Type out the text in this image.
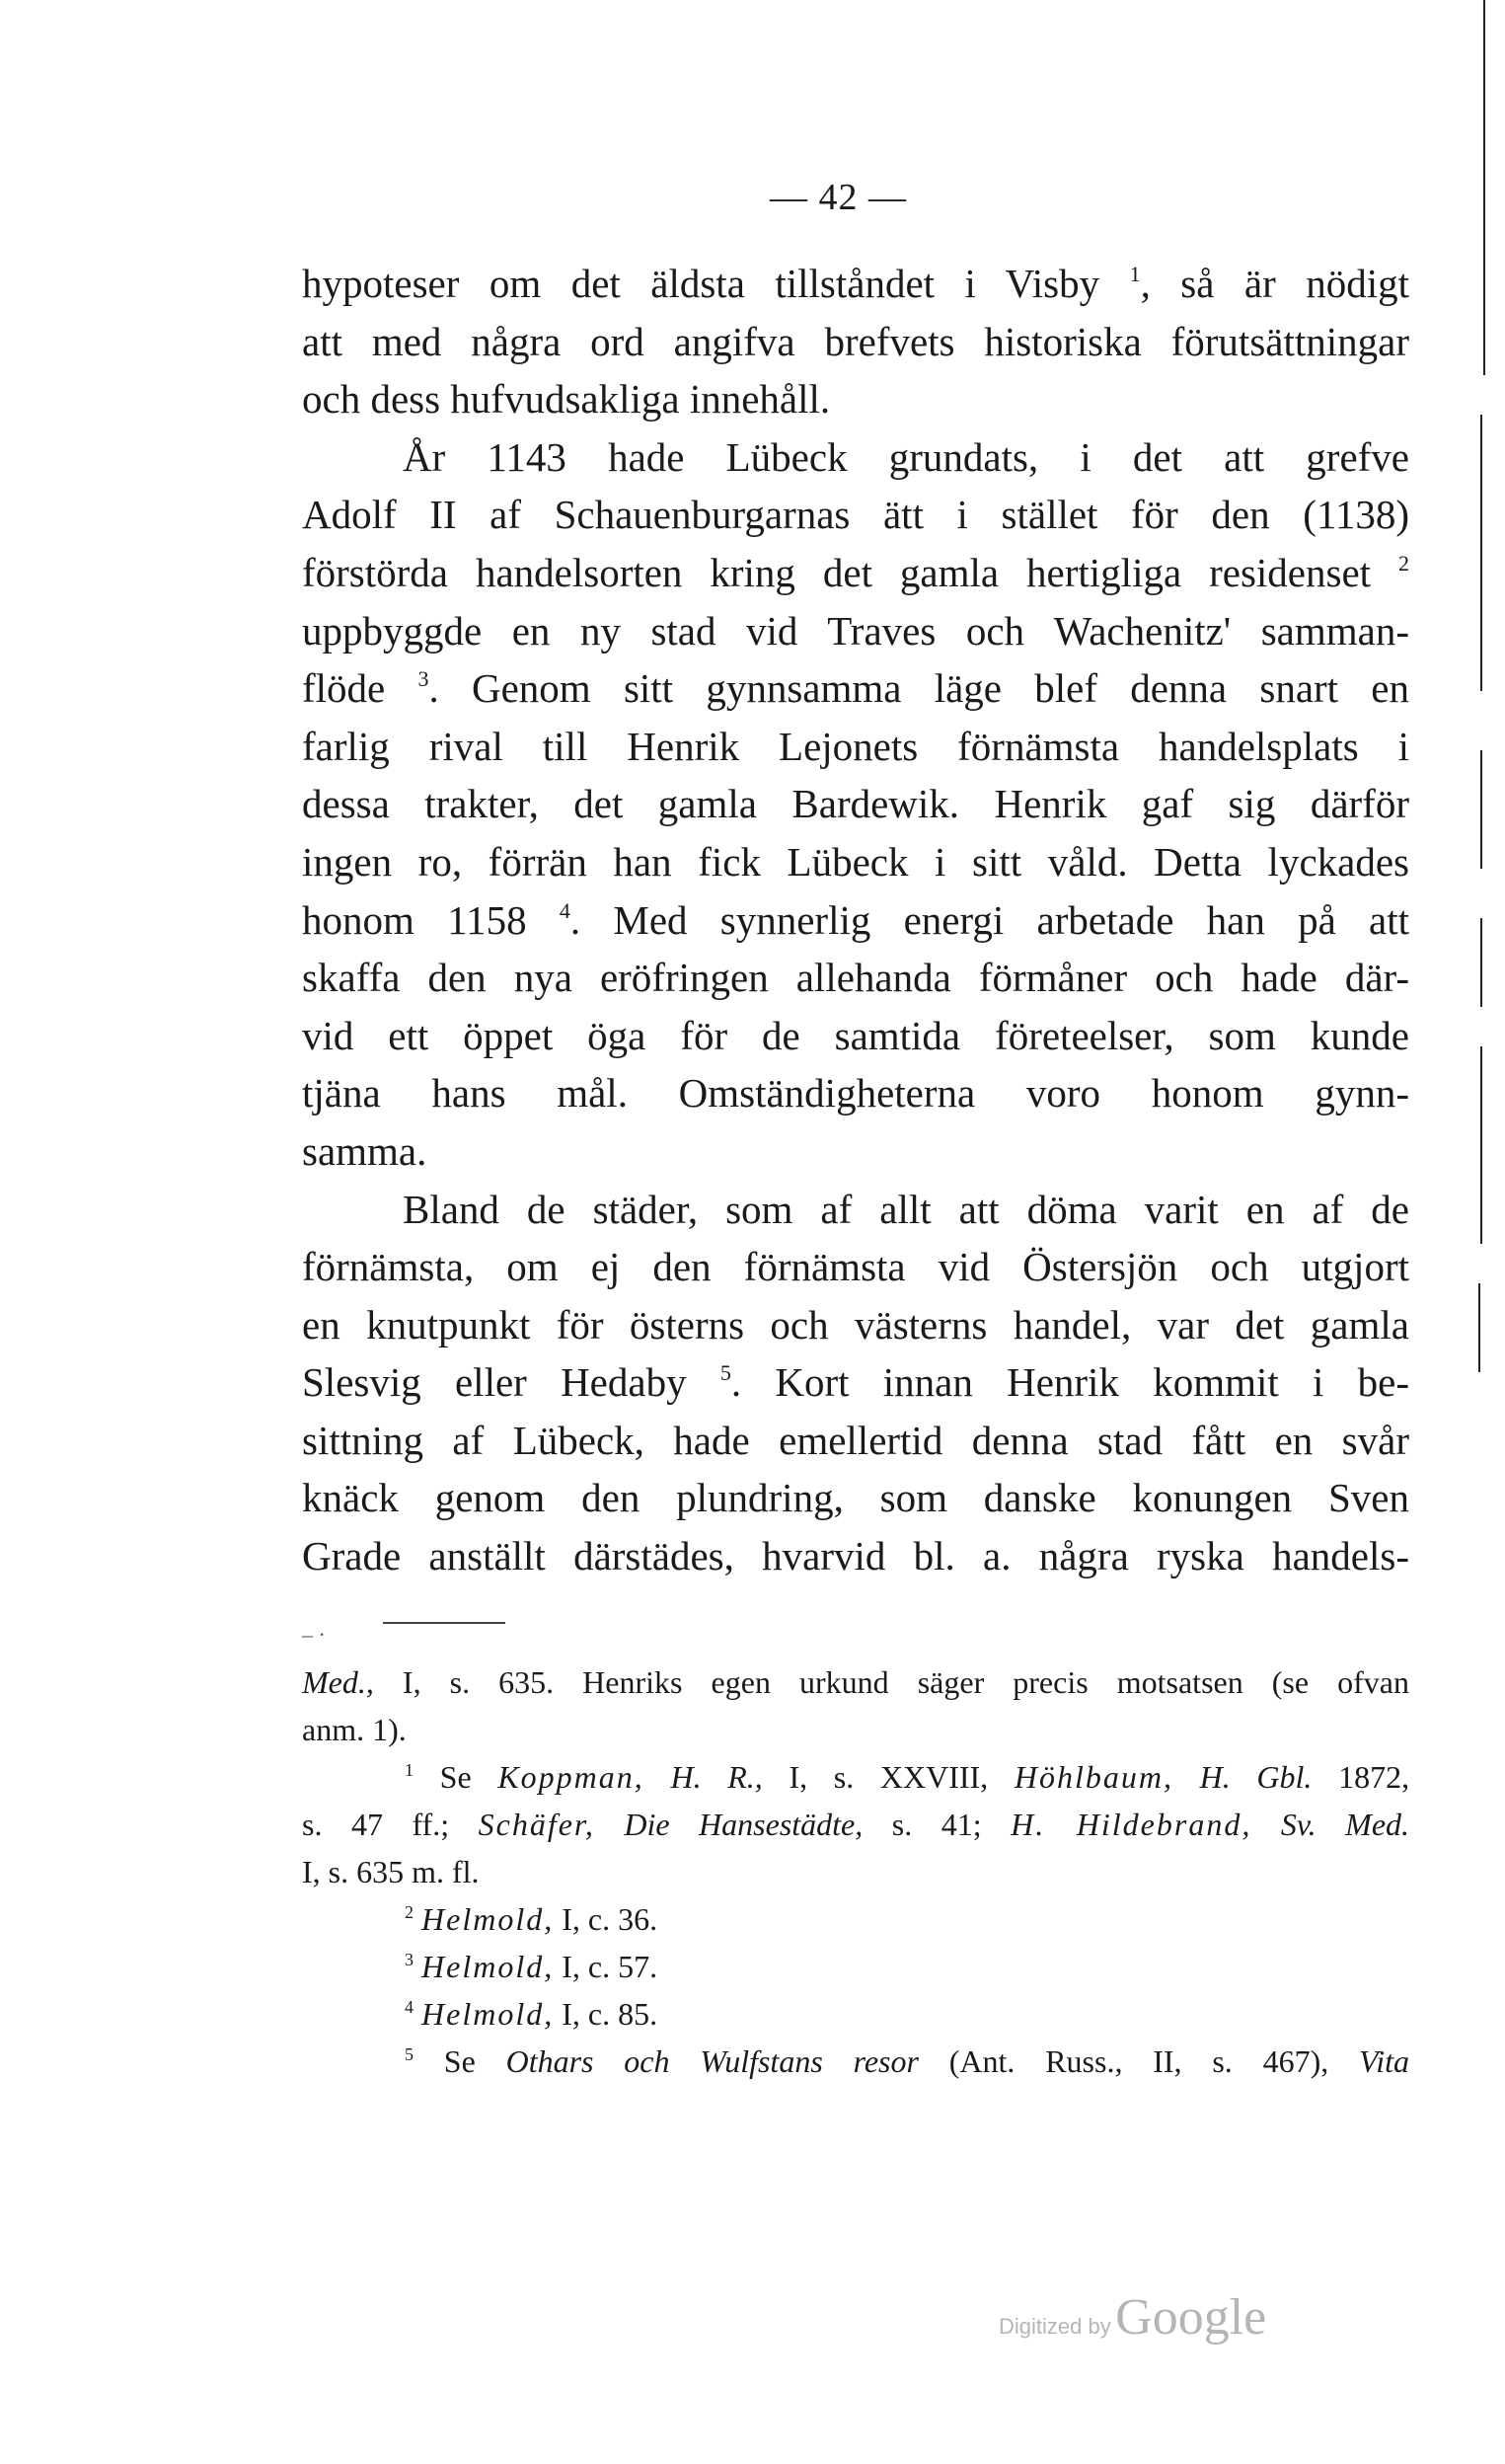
— 42 —
hypoteser om det äldsta tillståndet i Visby $^1$, så är nödigt
att med några ord angifva brefvets historiska förutsättningar
och dess hufvudsakliga innehåll.
År 1143 hade Lübeck grundats, i det att grefve
Adolf II af Schauenburgarnas ätt i stället för den (1138)
förstörda handelsorten kring det gamla hertigliga residenset $^2$
uppbyggde en ny stad vid Traves och Wachenitz' samman-
flöde $^3$. Genom sitt gynnsamma läge blef denna snart en
farlig rival till Henrik Lejonets förnämsta handelsplats i
dessa trakter, det gamla Bardewik. Henrik gaf sig därför
ingen ro, förrän han fick Lübeck i sitt våld. Detta lyckades
honom 1158 $^4$. Med synnerlig energi arbetade han på att
skaffa den nya eröfringen allehanda förmåner och hade där-
vid ett öppet öga för de samtida företeelser, som kunde
tjäna hans mål. Omständigheterna voro honom gynn-
samma.
Bland de städer, som af allt att döma varit en af de
förnämsta, om ej den förnämsta vid Östersjön och utgjort
en knutpunkt för österns och västerns handel, var det gamla
Slesvig eller Hedaby $^5$. Kort innan Henrik kommit i be-
sittning af Lübeck, hade emellertid denna stad fått en svår
knäck genom den plundring, som danske konungen Sven
Grade anställt därstädes, hvarvid bl. a. några ryska handels-
– ·
Med., I, s. 635. Henriks egen urkund säger precis motsatsen (se ofvan
anm. 1).
$^1$ Se Koppman, H. R., I, s. XXVIII, Höhlbaum, H. Gbl. 1872,
s. 47 ff.; Schäfer, Die Hansestädte, s. 41; H. Hildebrand, Sv. Med.
I, s. 635 m. fl.
$^2$ Helmold, I, c. 36.
$^3$ Helmold, I, c. 57.
$^4$ Helmold, I, c. 85.
$^5$ Se Othars och Wulfstans resor (Ant. Russ., II, s. 467), Vita
Digitized by Google
